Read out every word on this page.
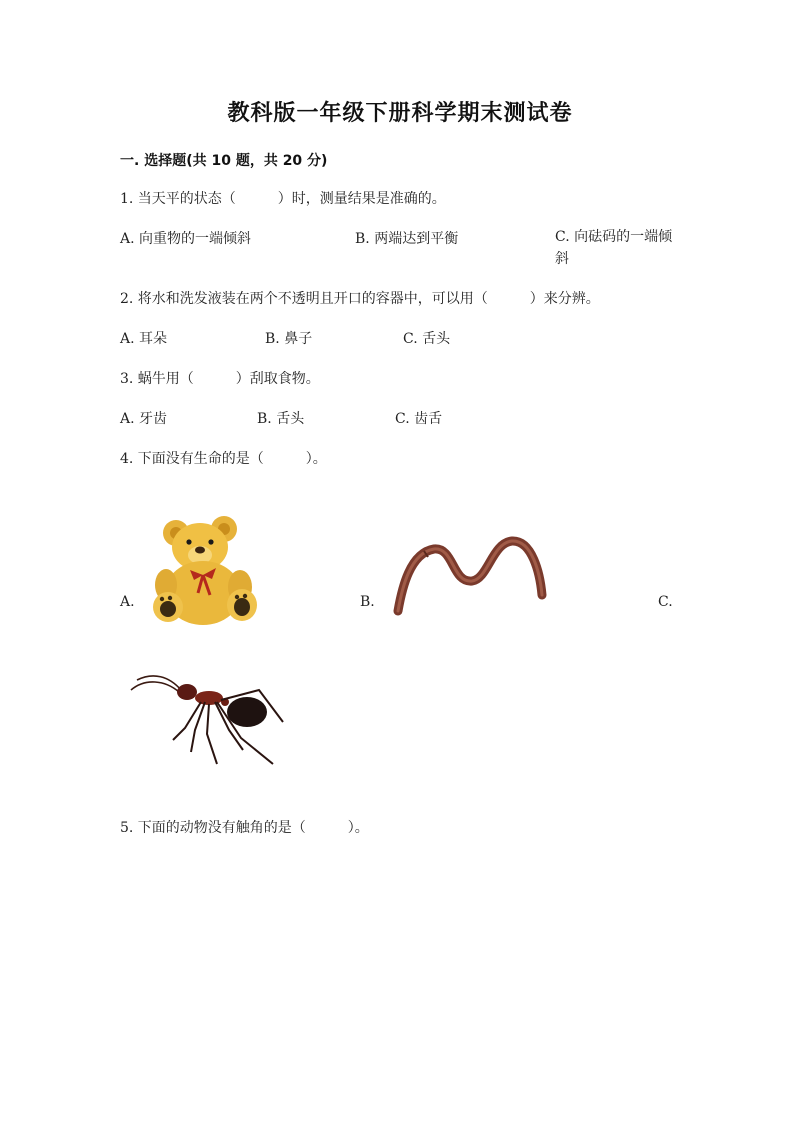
教科版一年级下册科学期末测试卷
一. 选择题(共 10 题，共 20 分)
1. 当天平的状态（　　　）时，测量结果是准确的。
A. 向重物的一端倾斜	B. 两端达到平衡	C. 向砝码的一端倾斜
2. 将水和洗发液装在两个不透明且开口的容器中，可以用（　　　）来分辨。
A. 耳朵	B. 鼻子	C. 舌头
3. 蜗牛用（　　　）刮取食物。
A. 牙齿	B. 舌头	C. 齿舌
4. 下面没有生命的是（　　　）。
A.	B.	C.
5. 下面的动物没有触角的是（　　　）。
